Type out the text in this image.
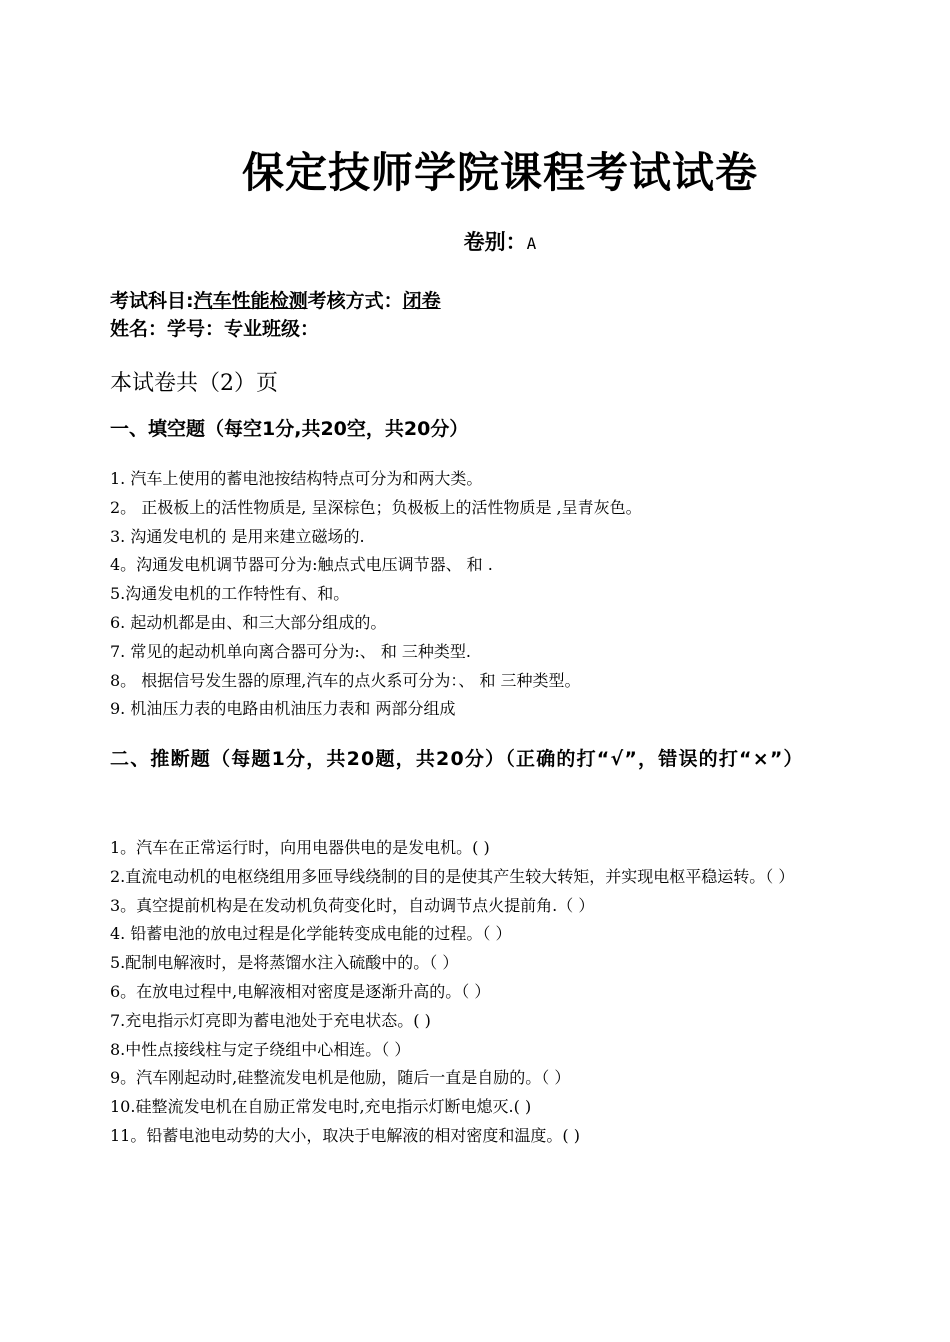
保定技师学院课程考试试卷
卷别：A
考试科目:汽车性能检测考核方式：闭卷
姓名：学号：专业班级：
本试卷共（2）页
一、填空题（每空1分,共20空，共20分）
1. 汽车上使用的蓄电池按结构特点可分为和两大类。
2。 正极板上的活性物质是, 呈深棕色；负极板上的活性物质是 ,呈青灰色。
3. 沟通发电机的 是用来建立磁场的.
4。沟通发电机调节器可分为:触点式电压调节器、 和 .
5.沟通发电机的工作特性有、和。
6. 起动机都是由、和三大部分组成的。
7. 常见的起动机单向离合器可分为:、 和 三种类型.
8。 根据信号发生器的原理,汽车的点火系可分为：、 和 三种类型。
9. 机油压力表的电路由机油压力表和 两部分组成
二、推断题（每题1分，共20题，共20分）（正确的打“√”，错误的打“×”）
1。汽车在正常运行时，向用电器供电的是发电机。( )
2.直流电动机的电枢绕组用多匝导线绕制的目的是使其产生较大转矩，并实现电枢平稳运转。（ ）
3。真空提前机构是在发动机负荷变化时，自动调节点火提前角.（ ）
4. 铅蓄电池的放电过程是化学能转变成电能的过程。（ ）
5.配制电解液时，是将蒸馏水注入硫酸中的。（ ）
6。在放电过程中,电解液相对密度是逐渐升高的。（ ）
7.充电指示灯亮即为蓄电池处于充电状态。( )
8.中性点接线柱与定子绕组中心相连。（ ）
9。汽车刚起动时,硅整流发电机是他励，随后一直是自励的。（ ）
10.硅整流发电机在自励正常发电时,充电指示灯断电熄灭.( )
11。铅蓄电池电动势的大小，取决于电解液的相对密度和温度。( )
